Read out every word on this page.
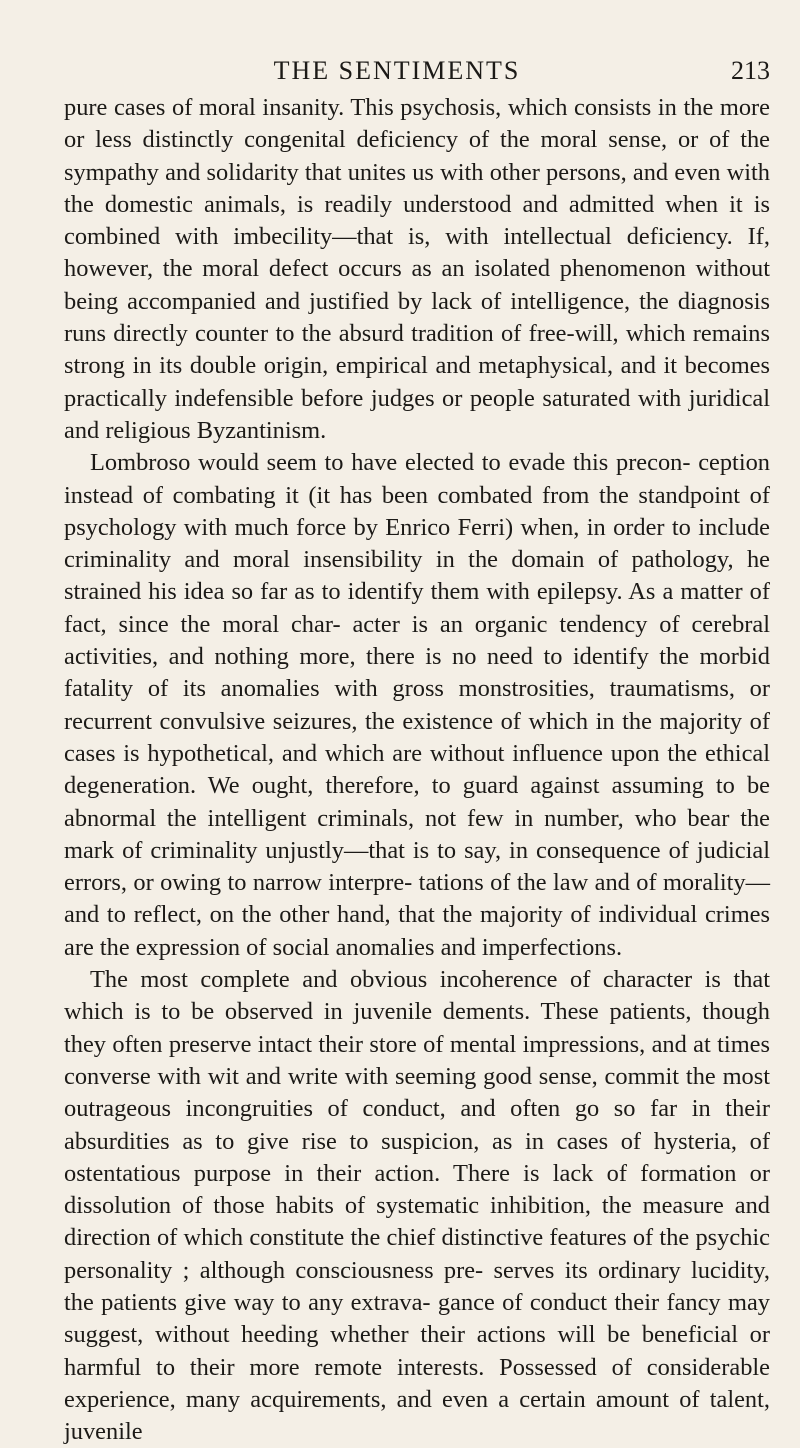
THE SENTIMENTS	213

pure cases of moral insanity. This psychosis, which consists in the more or less distinctly congenital deficiency of the moral sense, or of the sympathy and solidarity that unites us with other persons, and even with the domestic animals, is readily understood and admitted when it is combined with imbecility—that is, with intellectual deficiency. If, however, the moral defect occurs as an isolated phenomenon without being accompanied and justified by lack of intelligence, the diagnosis runs directly counter to the absurd tradition of free-will, which remains strong in its double origin, empirical and metaphysical, and it becomes practically indefensible before judges or people saturated with juridical and religious Byzantinism.

Lombroso would seem to have elected to evade this precon- ception instead of combating it (it has been combated from the standpoint of psychology with much force by Enrico Ferri) when, in order to include criminality and moral insensibility in the domain of pathology, he strained his idea so far as to identify them with epilepsy. As a matter of fact, since the moral char- acter is an organic tendency of cerebral activities, and nothing more, there is no need to identify the morbid fatality of its anomalies with gross monstrosities, traumatisms, or recurrent convulsive seizures, the existence of which in the majority of cases is hypothetical, and which are without influence upon the ethical degeneration. We ought, therefore, to guard against assuming to be abnormal the intelligent criminals, not few in number, who bear the mark of criminality unjustly—that is to say, in consequence of judicial errors, or owing to narrow interpre- tations of the law and of morality—and to reflect, on the other hand, that the majority of individual crimes are the expression of social anomalies and imperfections.

The most complete and obvious incoherence of character is that which is to be observed in juvenile dements. These patients, though they often preserve intact their store of mental impressions, and at times converse with wit and write with seeming good sense, commit the most outrageous incongruities of conduct, and often go so far in their absurdities as to give rise to suspicion, as in cases of hysteria, of ostentatious purpose in their action. There is lack of formation or dissolution of those habits of systematic inhibition, the measure and direction of which constitute the chief distinctive features of the psychic personality ; although consciousness pre- serves its ordinary lucidity, the patients give way to any extrava- gance of conduct their fancy may suggest, without heeding whether their actions will be beneficial or harmful to their more remote interests. Possessed of considerable experience, many acquirements, and even a certain amount of talent, juvenile
